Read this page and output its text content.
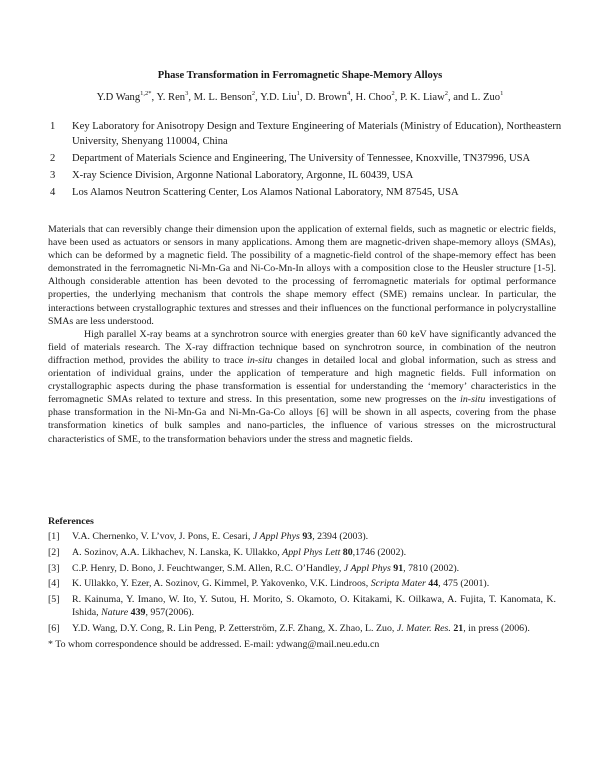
Phase Transformation in Ferromagnetic Shape-Memory Alloys
Y.D Wang$^{1,2*}$, Y. Ren$^3$, M. L. Benson$^2$, Y.D. Liu$^1$, D. Brown$^4$, H. Choo$^2$, P. K. Liaw$^2$, and L. Zuo$^1$
1 Key Laboratory for Anisotropy Design and Texture Engineering of Materials (Ministry of Education), Northeastern University, Shenyang 110004, China
2 Department of Materials Science and Engineering, The University of Tennessee, Knoxville, TN37996, USA
3 X-ray Science Division, Argonne National Laboratory, Argonne, IL 60439, USA
4 Los Alamos Neutron Scattering Center, Los Alamos National Laboratory, NM 87545, USA

Materials that can reversibly change their dimension upon the application of external fields, such as magnetic or electric fields, have been used as actuators or sensors in many applications. Among them are magnetic-driven shape-memory alloys (SMAs), which can be deformed by a magnetic field. The possibility of a magnetic-field control of the shape-memory effect has been demonstrated in the ferromagnetic Ni-Mn-Ga and Ni-Co-Mn-In alloys with a composition close to the Heusler structure [1-5]. Although considerable attention has been devoted to the processing of ferromagnetic materials for optimal performance properties, the underlying mechanism that controls the shape memory effect (SME) remains unclear. In particular, the interactions between crystallographic textures and stresses and their influences on the functional performance in polycrystalline SMAs are less understood.

High parallel X-ray beams at a synchrotron source with energies greater than 60 keV have significantly advanced the field of materials research. The X-ray diffraction technique based on synchrotron source, in combination of the neutron diffraction method, provides the ability to trace in-situ changes in detailed local and global information, such as stress and orientation of individual grains, under the application of temperature and high magnetic fields. Full information on crystallographic aspects during the phase transformation is essential for understanding the ‘memory’ characteristics in the ferromagnetic SMAs related to texture and stress. In this presentation, some new progresses on the in-situ investigations of phase transformation in the Ni-Mn-Ga and Ni-Mn-Ga-Co alloys [6] will be shown in all aspects, covering from the phase transformation kinetics of bulk samples and nano-particles, the influence of various stresses on the microstructural characteristics of SME, to the transformation behaviors under the stress and magnetic fields.

References
[1] V.A. Chernenko, V. L’vov, J. Pons, E. Cesari, J Appl Phys 93, 2394 (2003).
[2] A. Sozinov, A.A. Likhachev, N. Lanska, K. Ullakko, Appl Phys Lett 80,1746 (2002).
[3] C.P. Henry, D. Bono, J. Feuchtwanger, S.M. Allen, R.C. O’Handley, J Appl Phys 91, 7810 (2002).
[4] K. Ullakko, Y. Ezer, A. Sozinov, G. Kimmel, P. Yakovenko, V.K. Lindroos, Scripta Mater 44, 475 (2001).
[5] R. Kainuma, Y. Imano, W. Ito, Y. Sutou, H. Morito, S. Okamoto, O. Kitakami, K. Oilkawa, A. Fujita, T. Kanomata, K. Ishida, Nature 439, 957(2006).
[6] Y.D. Wang, D.Y. Cong, R. Lin Peng, P. Zetterström, Z.F. Zhang, X. Zhao, L. Zuo, J. Mater. Res. 21, in press (2006).
* To whom correspondence should be addressed. E-mail: ydwang@mail.neu.edu.cn
